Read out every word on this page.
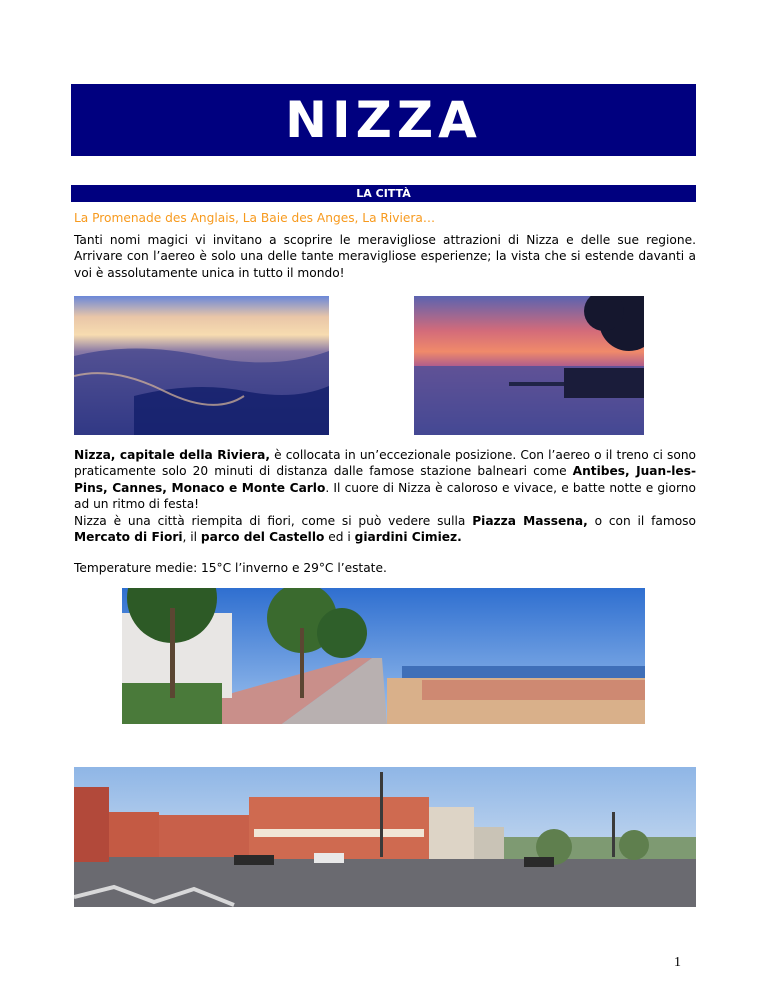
NIZZA
LA CITTÀ
La Promenade des Anglais, La Baie des Anges, La Riviera…
Tanti nomi magici vi invitano a scoprire le meravigliose attrazioni di Nizza e delle sue regione. Arrivare con l’aereo è solo una delle tante meravigliose esperienze; la vista che si estende davanti a voi è assolutamente unica in tutto il mondo!
Nizza, capitale della Riviera, è collocata in un’eccezionale posizione. Con l’aereo o il treno ci sono praticamente solo 20 minuti di distanza dalle famose stazione balneari come Antibes, Juan-les-Pins, Cannes, Monaco e Monte Carlo. Il cuore di Nizza è caloroso e vivace, e batte notte e giorno ad un ritmo di festa!
Nizza è una città riempita di fiori, come si può vedere sulla Piazza Massena, o con il famoso Mercato di Fiori, il parco del Castello ed i giardini Cimiez.
Temperature medie: 15°C l’inverno e 29°C l’estate.
1
